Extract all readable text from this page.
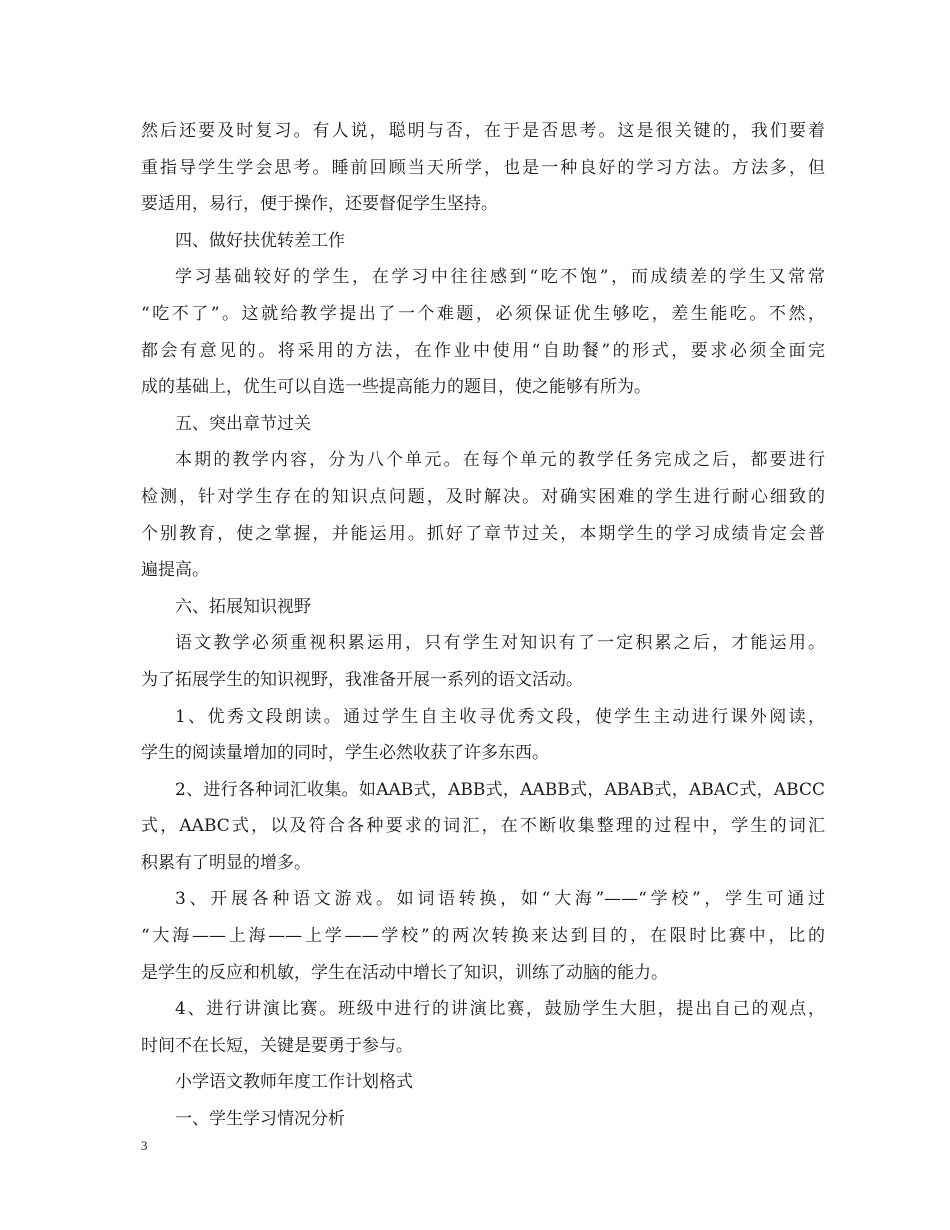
然后还要及时复习。有人说，聪明与否，在于是否思考。这是很关键的，我们要着
重指导学生学会思考。睡前回顾当天所学，也是一种良好的学习方法。方法多，但
要适用，易行，便于操作，还要督促学生坚持。
四、做好扶优转差工作
学习基础较好的学生，在学习中往往感到“吃不饱”，而成绩差的学生又常常
“吃不了”。这就给教学提出了一个难题，必须保证优生够吃，差生能吃。不然，
都会有意见的。将采用的方法，在作业中使用“自助餐”的形式，要求必须全面完
成的基础上，优生可以自选一些提高能力的题目，使之能够有所为。
五、突出章节过关
本期的教学内容，分为八个单元。在每个单元的教学任务完成之后，都要进行
检测，针对学生存在的知识点问题，及时解决。对确实困难的学生进行耐心细致的
个别教育，使之掌握，并能运用。抓好了章节过关，本期学生的学习成绩肯定会普
遍提高。
六、拓展知识视野
语文教学必须重视积累运用，只有学生对知识有了一定积累之后，才能运用。
为了拓展学生的知识视野，我准备开展一系列的语文活动。
1、优秀文段朗读。通过学生自主收寻优秀文段，使学生主动进行课外阅读，
学生的阅读量增加的同时，学生必然收获了许多东西。
2、进行各种词汇收集。如AAB式，ABB式，AABB式，ABAB式，ABAC式，ABCC
式，AABC式，以及符合各种要求的词汇，在不断收集整理的过程中，学生的词汇
积累有了明显的增多。
3、开展各种语文游戏。如词语转换，如“大海”——“学校”，学生可通过
“大海——上海——上学——学校”的两次转换来达到目的，在限时比赛中，比的
是学生的反应和机敏，学生在活动中增长了知识，训练了动脑的能力。
4、进行讲演比赛。班级中进行的讲演比赛，鼓励学生大胆，提出自己的观点，
时间不在长短，关键是要勇于参与。
小学语文教师年度工作计划格式
一、学生学习情况分析
3
